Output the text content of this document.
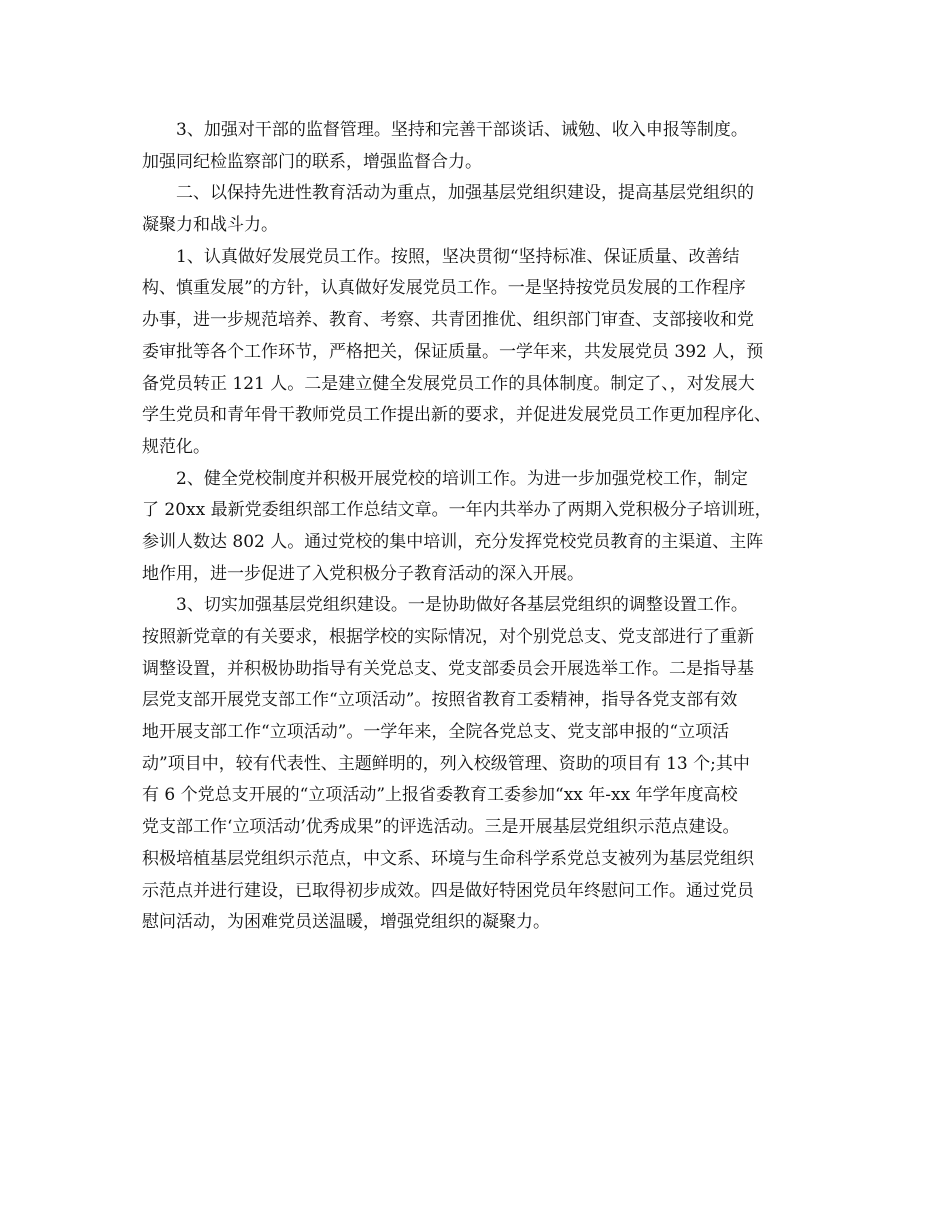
3、加强对干部的监督管理。坚持和完善干部谈话、诫勉、收入申报等制度。
加强同纪检监察部门的联系，增强监督合力。
二、以保持先进性教育活动为重点，加强基层党组织建设，提高基层党组织的
凝聚力和战斗力。
1、认真做好发展党员工作。按照，坚决贯彻“坚持标准、保证质量、改善结
构、慎重发展”的方针，认真做好发展党员工作。一是坚持按党员发展的工作程序
办事，进一步规范培养、教育、考察、共青团推优、组织部门审查、支部接收和党
委审批等各个工作环节，严格把关，保证质量。一学年来，共发展党员 392 人，预
备党员转正 121 人。二是建立健全发展党员工作的具体制度。制定了、，对发展大
学生党员和青年骨干教师党员工作提出新的要求，并促进发展党员工作更加程序化、
规范化。
2、健全党校制度并积极开展党校的培训工作。为进一步加强党校工作，制定
了 20xx 最新党委组织部工作总结文章。一年内共举办了两期入党积极分子培训班，
参训人数达 802 人。通过党校的集中培训，充分发挥党校党员教育的主渠道、主阵
地作用，进一步促进了入党积极分子教育活动的深入开展。
3、切实加强基层党组织建设。一是协助做好各基层党组织的调整设置工作。
按照新党章的有关要求，根据学校的实际情况，对个别党总支、党支部进行了重新
调整设置，并积极协助指导有关党总支、党支部委员会开展选举工作。二是指导基
层党支部开展党支部工作“立项活动”。按照省教育工委精神，指导各党支部有效
地开展支部工作“立项活动”。一学年来，全院各党总支、党支部申报的“立项活
动”项目中，较有代表性、主题鲜明的，列入校级管理、资助的项目有 13 个;其中
有 6 个党总支开展的“立项活动”上报省委教育工委参加“xx 年-xx 年学年度高校
党支部工作‘立项活动’优秀成果”的评选活动。三是开展基层党组织示范点建设。
积极培植基层党组织示范点，中文系、环境与生命科学系党总支被列为基层党组织
示范点并进行建设，已取得初步成效。四是做好特困党员年终慰问工作。通过党员
慰问活动，为困难党员送温暖，增强党组织的凝聚力。
